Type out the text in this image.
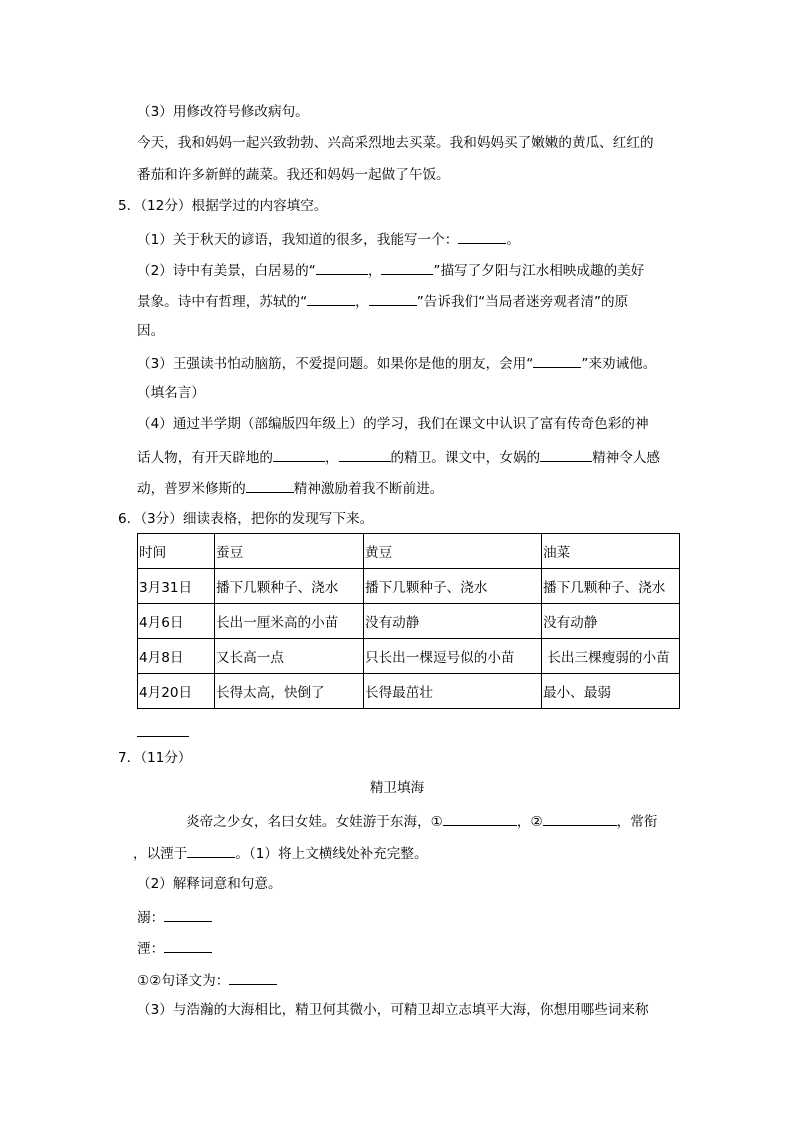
（3）用修改符号修改病句。
今天，我和妈妈一起兴致勃勃、兴高采烈地去买菜。我和妈妈买了嫩嫩的黄瓜、红红的
番茄和许多新鲜的蔬菜。我还和妈妈一起做了午饭。
5．（12分）根据学过的内容填空。
（1）关于秋天的谚语，我知道的很多，我能写一个：	。
（2）诗中有美景，白居易的“	，	”描写了夕阳与江水相映成趣的美好
景象。诗中有哲理，苏轼的“	，	”告诉我们“当局者迷旁观者清”的原
因。
（3）王强读书怕动脑筋，不爱提问题。如果你是他的朋友，会用“	”来劝诫他。
（填名言）
（4）通过半学期（部编版四年级上）的学习，我们在课文中认识了富有传奇色彩的神
话人物，有开天辟地的	，	的精卫。课文中，女娲的	精神令人感
动，普罗米修斯的	精神激励着我不断前进。
6．（3分）细读表格，把你的发现写下来。
时间	蚕豆	黄豆	油菜
3月31日	播下几颗种子、浇水	播下几颗种子、浇水	播下几颗种子、浇水
4月6日	长出一厘米高的小苗	没有动静	没有动静
4月8日	又长高一点	只长出一棵逗号似的小苗	长出三棵瘦弱的小苗
4月20日	长得太高，快倒了	长得最茁壮	最小、最弱
7．（11分）
精卫填海
炎帝之少女，名曰女娃。女娃游于东海，①	，②	，常衔
，以湮于	。（1）将上文横线处补充完整。
（2）解释词意和句意。
溺：
湮：
①②句译文为：
（3）与浩瀚的大海相比，精卫何其微小，可精卫却立志填平大海，你想用哪些词来称
